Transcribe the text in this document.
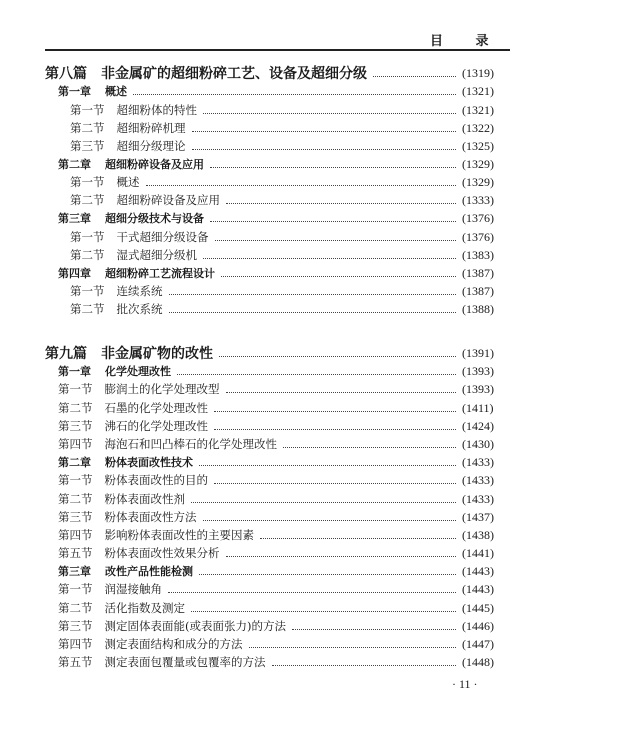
目 录
第八篇 非金属矿的超细粉碎工艺、设备及超细分级	(1319)
第一章 概述	(1321)
第一节 超细粉体的特性	(1321)
第二节 超细粉碎机理	(1322)
第三节 超细分级理论	(1325)
第二章 超细粉碎设备及应用	(1329)
第一节 概述	(1329)
第二节 超细粉碎设备及应用	(1333)
第三章 超细分级技术与设备	(1376)
第一节 干式超细分级设备	(1376)
第二节 湿式超细分级机	(1383)
第四章 超细粉碎工艺流程设计	(1387)
第一节 连续系统	(1387)
第二节 批次系统	(1388)
第九篇 非金属矿物的改性	(1391)
第一章 化学处理改性	(1393)
第一节 膨润土的化学处理改型	(1393)
第二节 石墨的化学处理改性	(1411)
第三节 沸石的化学处理改性	(1424)
第四节 海泡石和凹凸棒石的化学处理改性	(1430)
第二章 粉体表面改性技术	(1433)
第一节 粉体表面改性的目的	(1433)
第二节 粉体表面改性剂	(1433)
第三节 粉体表面改性方法	(1437)
第四节 影响粉体表面改性的主要因素	(1438)
第五节 粉体表面改性效果分析	(1441)
第三章 改性产品性能检测	(1443)
第一节 润湿接触角	(1443)
第二节 活化指数及测定	(1445)
第三节 测定固体表面能(或表面张力)的方法	(1446)
第四节 测定表面结构和成分的方法	(1447)
第五节 测定表面包覆量或包覆率的方法	(1448)
· 11 ·
